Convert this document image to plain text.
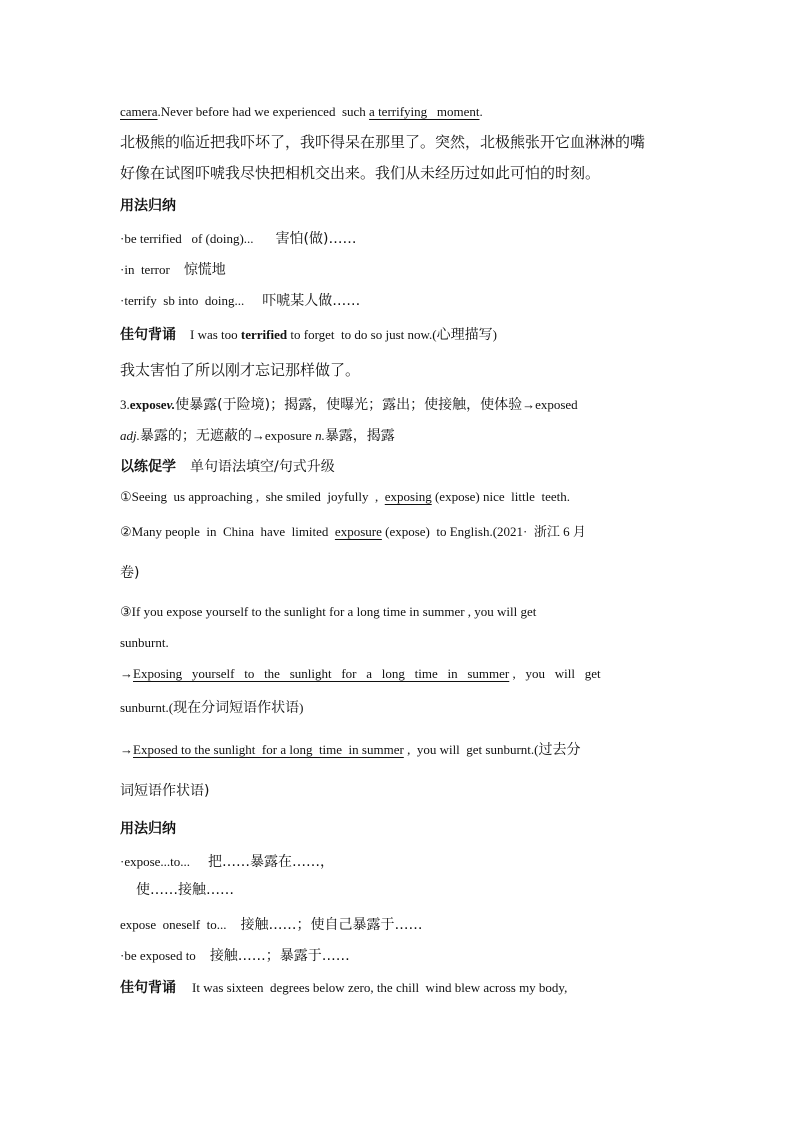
camera.Never before had we experienced  such a terrifying   moment.
北极熊的临近把我吓坏了，我吓得呆在那里了。突然，北极熊张开它血淋淋的嘴
好像在试图吓唬我尽快把相机交出来。我们从未经历过如此可怕的时刻。
用法归纳
·be terrified   of (doing)... 害怕(做)……
·in  terror 惊慌地
·terrify  sb into  doing... 吓唬某人做……
佳句背诵 I was too terrified to forget  to do so just now.(心理描写)
我太害怕了所以刚才忘记那样做了。
3.exposev.使暴露(于险境)；揭露，使曝光；露出；使接触，使体验→exposed
adj.暴露的；无遮蔽的→exposure n.暴露，揭露
以练促学 单句语法填空/句式升级
①Seeing  us approaching ,  she smiled  joyfully  ,  exposing (expose) nice  little  teeth.
②Many people  in  China  have  limited  exposure (expose)  to English.(2021·  浙江 6 月
卷)
③If you expose yourself to the sunlight for a long time in summer , you will get
sunburnt.
→Exposing   yourself   to   the   sunlight   for   a   long   time   in   summer ,   you   will   get
sunburnt.(现在分词短语作状语)
→Exposed to the sunlight  for a long  time  in summer ,  you will  get sunburnt.(过去分
词短语作状语)
用法归纳
·expose...to... 把……暴露在……，
使……接触……
expose  oneself  to... 接触……；使自己暴露于……
·be exposed to 接触……；暴露于……
佳句背诵 It was sixteen  degrees below zero, the chill  wind blew across my body,
